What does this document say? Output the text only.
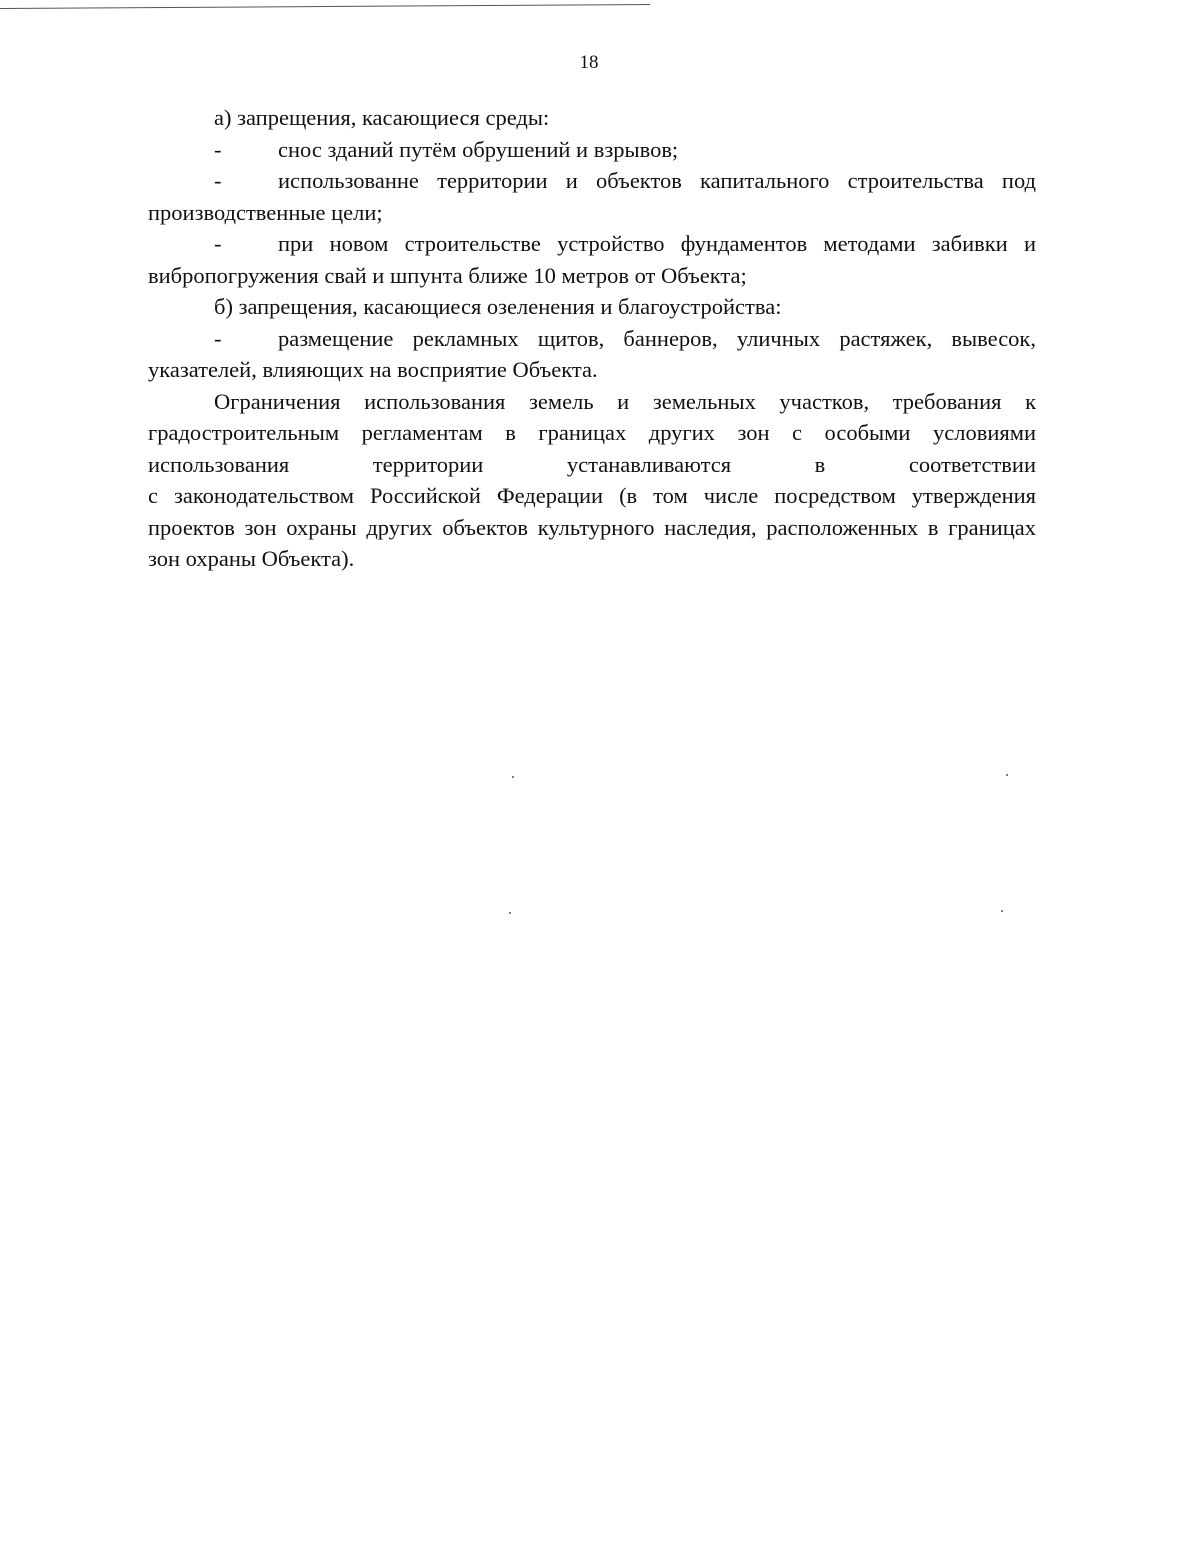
18

а) запрещения, касающиеся среды:

-	снос зданий путём обрушений и взрывов;

-	использованне территории и объектов капитального строительства под производственные цели;

-	при новом строительстве устройство фундаментов методами забивки и вибропогружения свай и шпунта ближе 10 метров от Объекта;

б) запрещения, касающиеся озеленения и благоустройства:

-	размещение рекламных щитов, баннеров, уличных растяжек, вывесок, указателей, влияющих на восприятие Объекта.

Ограничения использования земель и земельных участков, требования к градостроительным регламентам в границах других зон с особыми условиями использования территории устанавливаются в соответствии

с законодательством Российской Федерации (в том числе посредством утверждения проектов зон охраны других объектов культурного наследия, расположенных в границах зон охраны Объекта).
